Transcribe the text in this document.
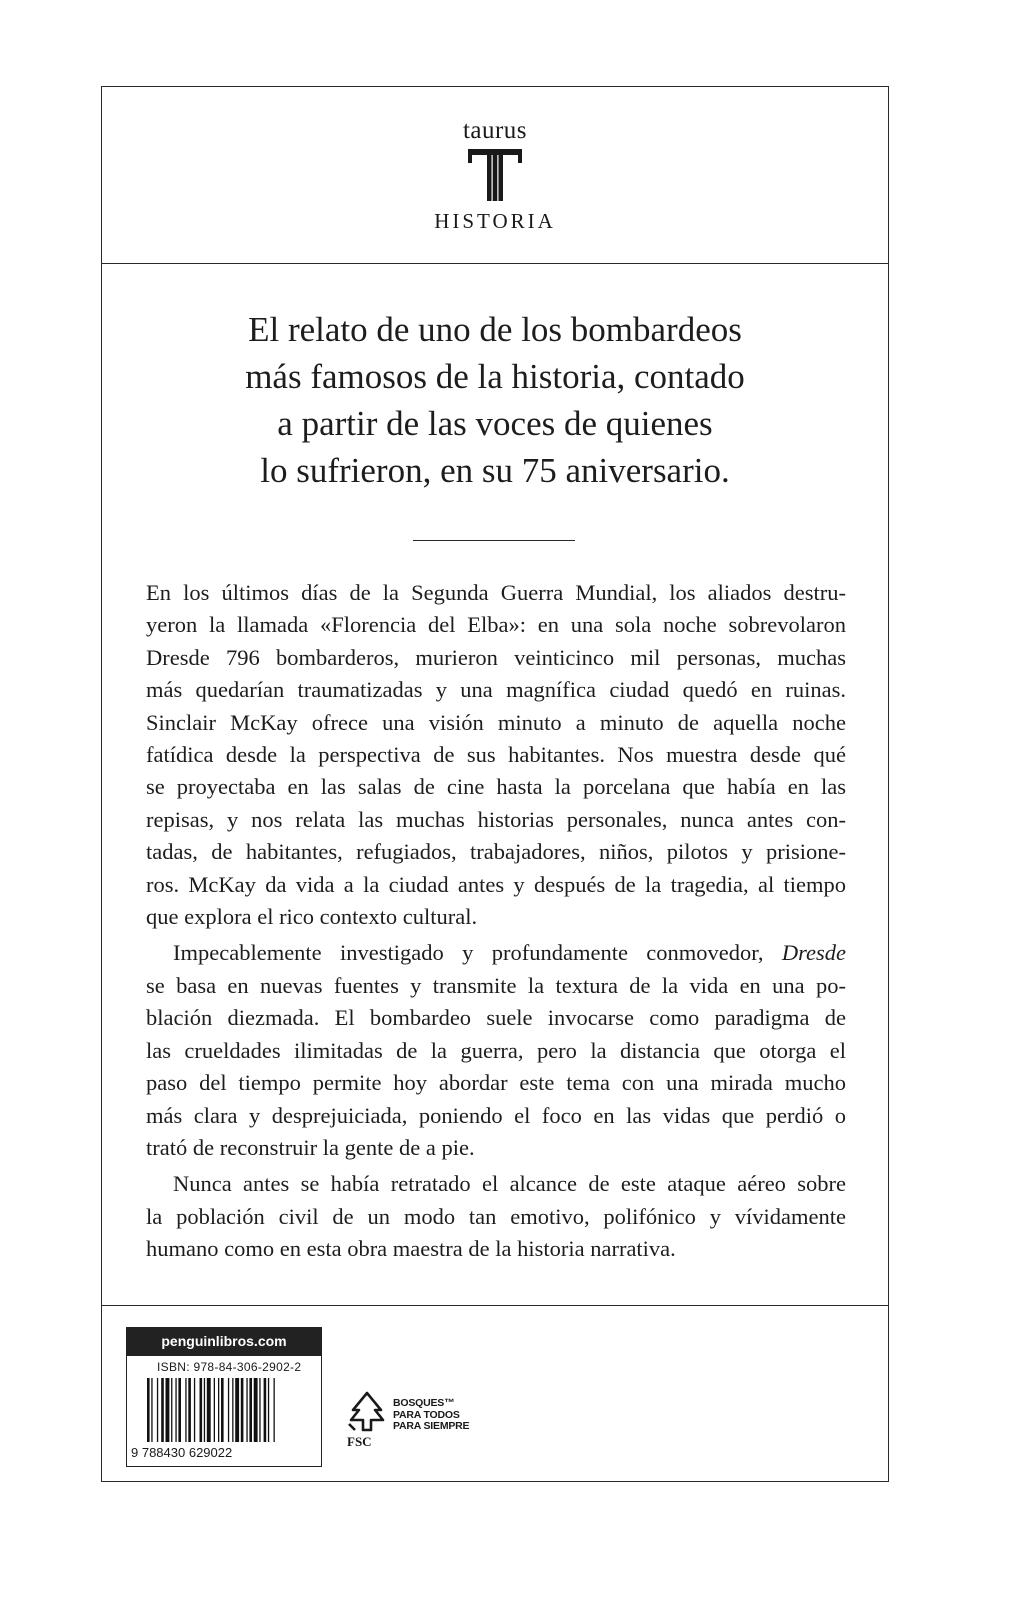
taurus
HISTORIA
El relato de uno de los bombardeos
más famosos de la historia, contado
a partir de las voces de quienes
lo sufrieron, en su 75 aniversario.
En los últimos días de la Segunda Guerra Mundial, los aliados destru-
yeron la llamada «Florencia del Elba»: en una sola noche sobrevolaron
Dresde 796 bombarderos, murieron veinticinco mil personas, muchas
más quedarían traumatizadas y una magnífica ciudad quedó en ruinas.
Sinclair McKay ofrece una visión minuto a minuto de aquella noche
fatídica desde la perspectiva de sus habitantes. Nos muestra desde qué
se proyectaba en las salas de cine hasta la porcelana que había en las
repisas, y nos relata las muchas historias personales, nunca antes con-
tadas, de habitantes, refugiados, trabajadores, niños, pilotos y prisione-
ros. McKay da vida a la ciudad antes y después de la tragedia, al tiempo
que explora el rico contexto cultural.
Impecablemente investigado y profundamente conmovedor, Dresde
se basa en nuevas fuentes y transmite la textura de la vida en una po-
blación diezmada. El bombardeo suele invocarse como paradigma de
las crueldades ilimitadas de la guerra, pero la distancia que otorga el
paso del tiempo permite hoy abordar este tema con una mirada mucho
más clara y desprejuiciada, poniendo el foco en las vidas que perdió o
trató de reconstruir la gente de a pie.
Nunca antes se había retratado el alcance de este ataque aéreo sobre
la población civil de un modo tan emotivo, polifónico y vívidamente
humano como en esta obra maestra de la historia narrativa.
penguinlibros.com
ISBN: 978-84-306-2902-2
9 788430 629022
FSC
BOSQUES™
PARA TODOS
PARA SIEMPRE
